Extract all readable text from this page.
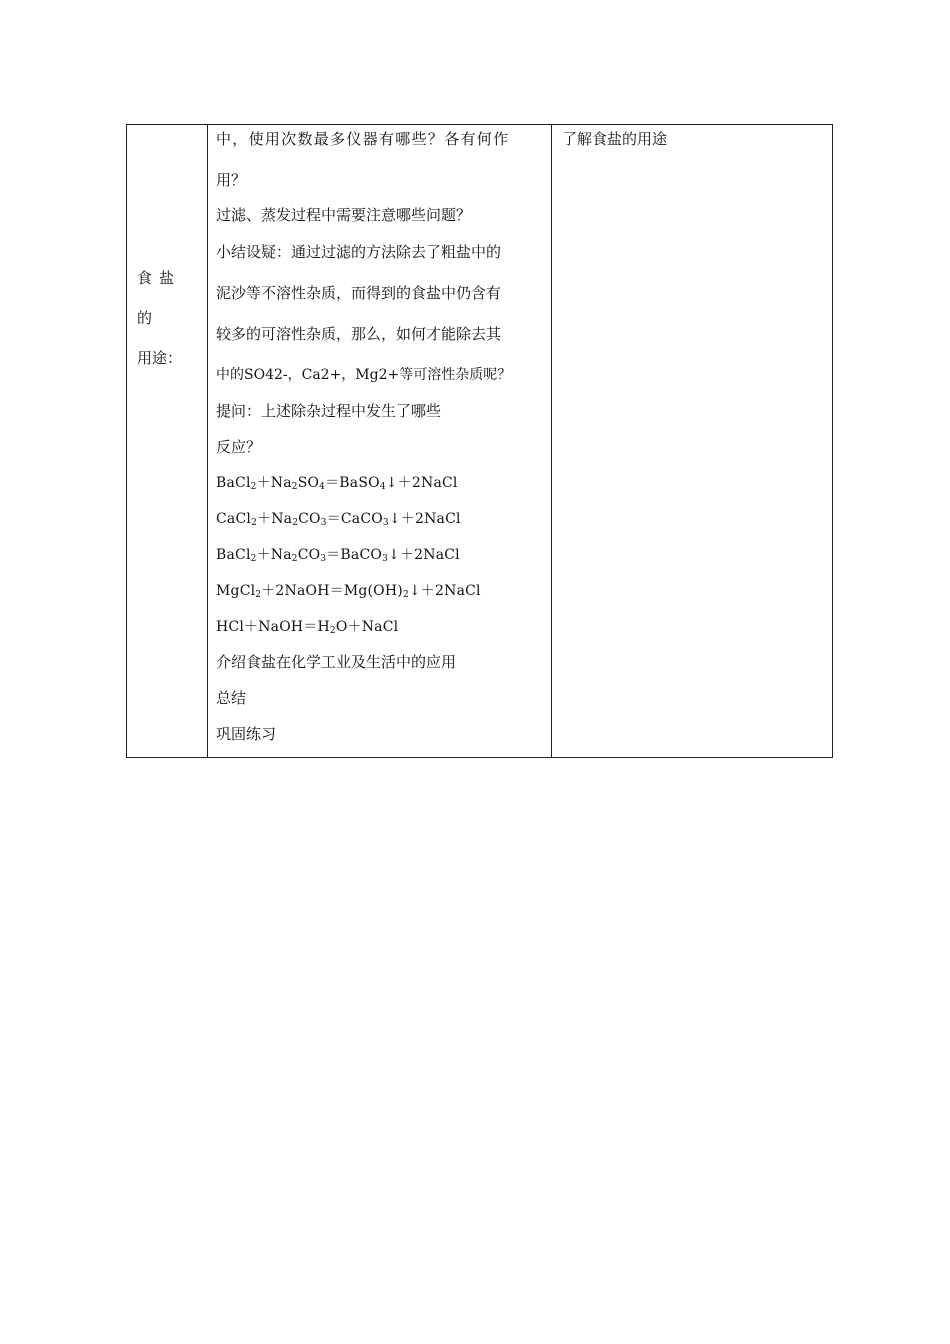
食盐的
用途：
中，使用次数最多仪器有哪些？各有何作
用？
过滤、蒸发过程中需要注意哪些问题？
小结设疑：通过过滤的方法除去了粗盐中的
泥沙等不溶性杂质，而得到的食盐中仍含有
较多的可溶性杂质，那么，如何才能除去其
中的SO42-，Ca2+，Mg2+等可溶性杂质呢？
提问：上述除杂过程中发生了哪些
反应？
$BaCl_2+Na_2SO_4=BaSO_4↓+2NaCl$
$CaCl_2+Na_2CO_3=CaCO_3↓+2NaCl$
$BaCl_2+Na_2CO_3=BaCO_3↓+2NaCl$
$MgCl_2+2NaOH=Mg(OH)_2↓+2NaCl$
$HCl+NaOH=H_2O+NaCl$
介绍食盐在化学工业及生活中的应用
总结
巩固练习
了解食盐的用途
